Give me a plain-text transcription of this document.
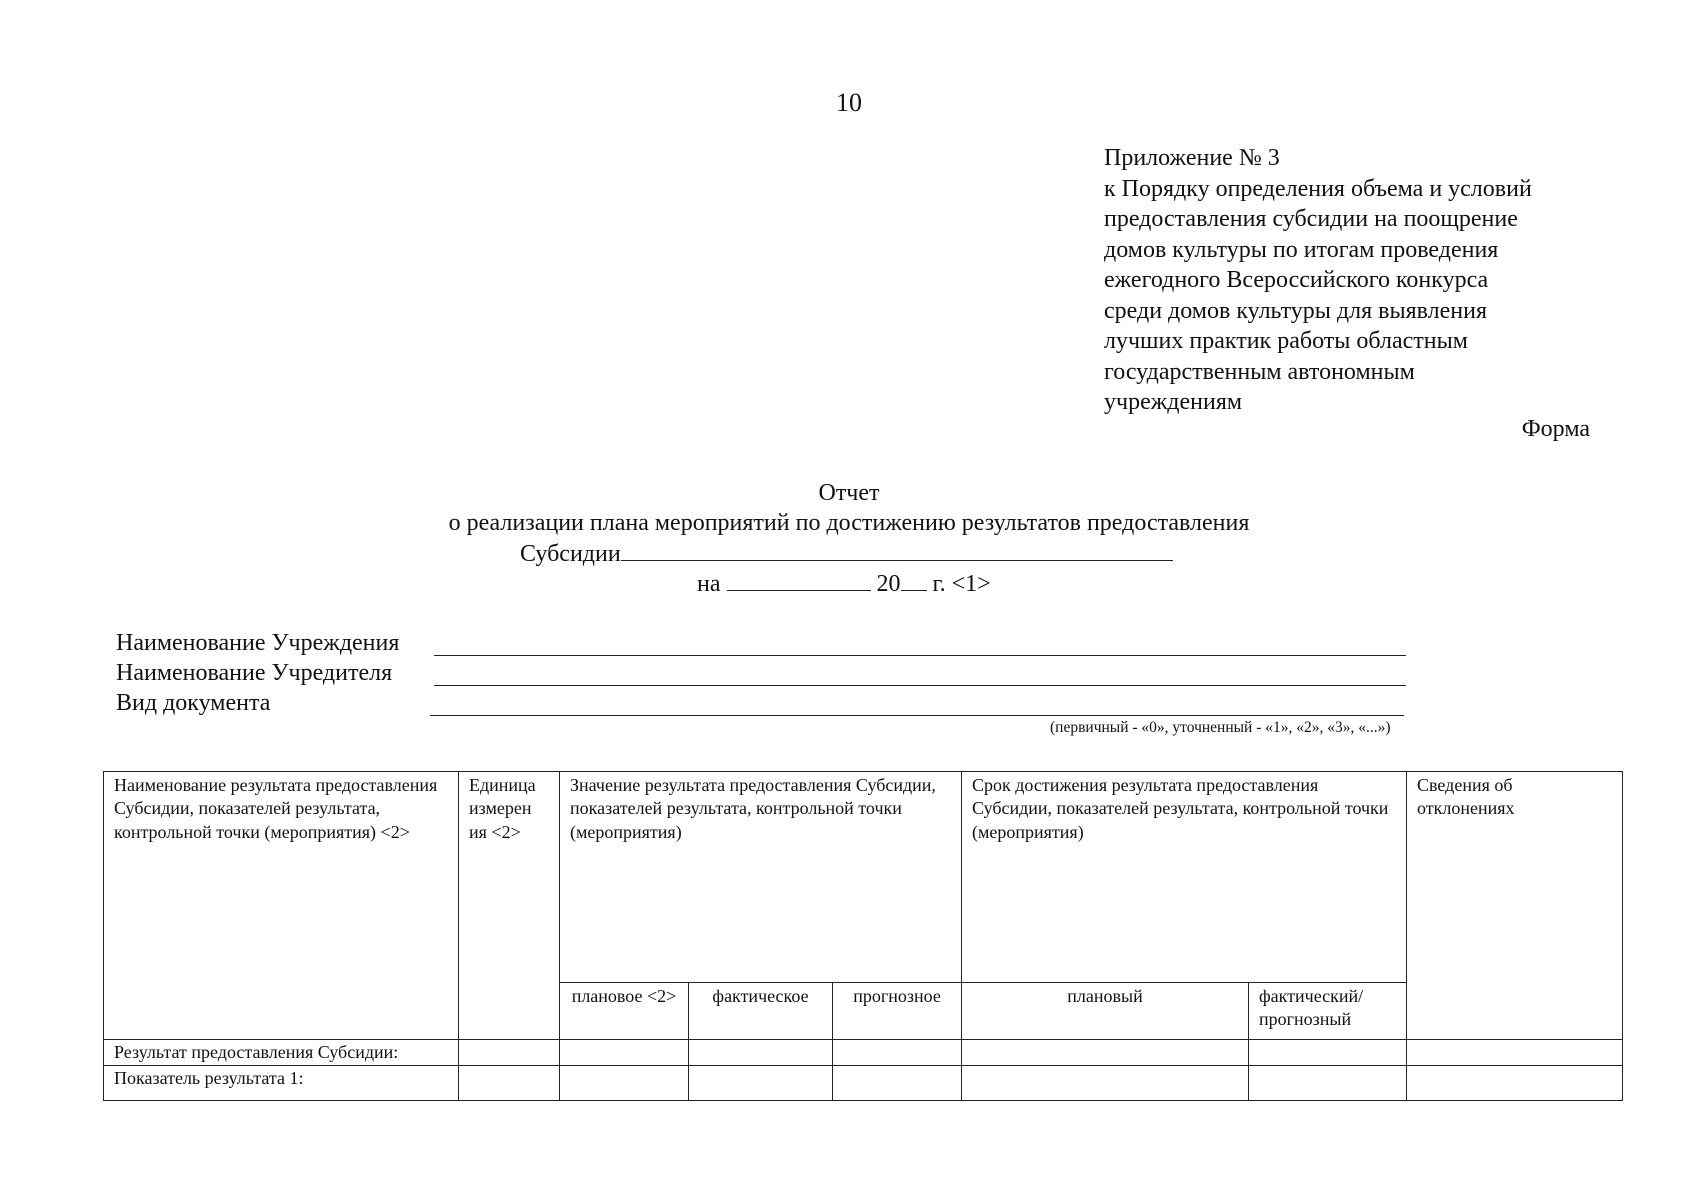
10
Приложение № 3
к Порядку определения объема и условий
предоставления субсидии на поощрение
домов культуры по итогам проведения
ежегодного Всероссийского конкурса
среди домов культуры для выявления
лучших практик работы областным
государственным автономным
учреждениям
Форма
Отчет
о реализации плана мероприятий по достижению результатов предоставления
Субсидии
на	20 г. <1>
Наименование Учреждения
Наименование Учредителя
Вид документа
(первичный - «0», уточненный - «1», «2», «3», «...»)
Наименование результата предоставления Субсидии, показателей результата, контрольной точки (мероприятия) <2>	Единица измерен ия <2>	Значение результата предоставления Субсидии, показателей результата, контрольной точки (мероприятия)			Срок достижения результата предоставления Субсидии, показателей результата, контрольной точки (мероприятия)		Сведения об отклонениях
		плановое <2>	фактическое	прогнозное	плановый	фактический/ прогнозный	
Результат предоставления Субсидии:							
Показатель результата 1:							
